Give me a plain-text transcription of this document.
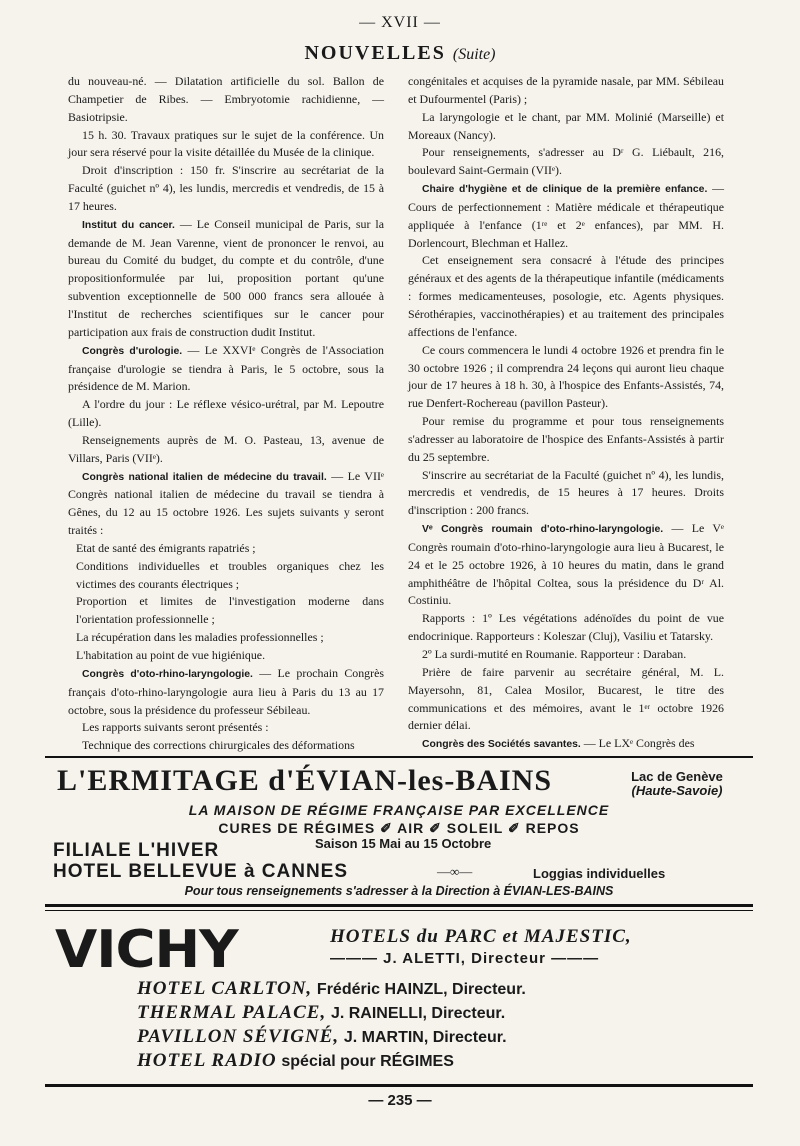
— XVII —
NOUVELLES (Suite)

du nouveau-né. — Dilatation artificielle du sol. Ballon de Champetier de Ribes. — Embryotomie rachidienne, — Basiotripsie.

15 h. 30. Travaux pratiques sur le sujet de la conférence. Un jour sera réservé pour la visite détaillée du Musée de la clinique.

Droit d'inscription : 150 fr. S'inscrire au secrétariat de la Faculté (guichet nº 4), les lundis, mercredis et vendredis, de 15 à 17 heures.

Institut du cancer. — Le Conseil municipal de Paris, sur la demande de M. Jean Varenne, vient de prononcer le renvoi, au bureau du Comité du budget, du compte et du contrôle, d'une propositionformulée par lui, proposition portant qu'une subvention exceptionnelle de 500 000 francs sera allouée à l'Institut de recherches scientifiques sur le cancer pour participation aux frais de construction dudit Institut.

Congrès d'urologie. — Le XXVIᵉ Congrès de l'Association française d'urologie se tiendra à Paris, le 5 octobre, sous la présidence de M. Marion.

A l'ordre du jour : Le réflexe vésico-urétral, par M. Lepoutre (Lille).

Renseignements auprès de M. O. Pasteau, 13, avenue de Villars, Paris (VIIᵉ).

Congrès national italien de médecine du travail. — Le VIIᵉ Congrès national italien de médecine du travail se tiendra à Gênes, du 12 au 15 octobre 1926. Les sujets suivants y seront traités :

Etat de santé des émigrants rapatriés ;

Conditions individuelles et troubles organiques chez les victimes des courants électriques ;

Proportion et limites de l'investigation moderne dans l'orientation professionnelle ;

La récupération dans les maladies professionnelles ;

L'habitation au point de vue higiénique.

Congrès d'oto-rhino-laryngologie. — Le prochain Congrès français d'oto-rhino-laryngologie aura lieu à Paris du 13 au 17 octobre, sous la présidence du professeur Sébileau.

Les rapports suivants seront présentés :

Technique des corrections chirurgicales des déformations

congénitales et acquises de la pyramide nasale, par MM. Sébileau et Dufourmentel (Paris) ;

La laryngologie et le chant, par MM. Molinié (Marseille) et Moreaux (Nancy).

Pour renseignements, s'adresser au Dʳ G. Liébault, 216, boulevard Saint-Germain (VIIᵉ).

Chaire d'hygiène et de clinique de la première enfance. — Cours de perfectionnement : Matière médicale et thérapeutique appliquée à l'enfance (1ʳᵉ et 2ᵉ enfances), par MM. H. Dorlencourt, Blechman et Hallez.

Cet enseignement sera consacré à l'étude des principes généraux et des agents de la thérapeutique infantile (médicaments : formes medicamenteuses, posologie, etc. Agents physiques. Sérothérapies, vaccinothérapies) et au traitement des principales affections de l'enfance.

Ce cours commencera le lundi 4 octobre 1926 et prendra fin le 30 octobre 1926 ; il comprendra 24 leçons qui auront lieu chaque jour de 17 heures à 18 h. 30, à l'hospice des Enfants-Assistés, 74, rue Denfert-Rochereau (pavillon Pasteur).

Pour remise du programme et pour tous renseignements s'adresser au laboratoire de l'hospice des Enfants-Assistés à partir du 25 septembre.

S'inscrire au secrétariat de la Faculté (guichet nº 4), les lundis, mercredis et vendredis, de 15 heures à 17 heures. Droits d'inscription : 200 francs.

Vᵉ Congrès roumain d'oto-rhino-laryngologie. — Le Vᵉ Congrès roumain d'oto-rhino-laryngologie aura lieu à Bucarest, le 24 et le 25 octobre 1926, à 10 heures du matin, dans le grand amphithéâtre de l'hôpital Coltea, sous la présidence du Dʳ Al. Costiniu.

Rapports : 1º Les végétations adénoïdes du point de vue endocrinique. Rapporteurs : Koleszar (Cluj), Vasiliu et Tatarsky.

2º La surdi-mutité en Roumanie. Rapporteur : Daraban.

Prière de faire parvenir au secrétaire général, M. L. Mayersohn, 81, Calea Mosilor, Bucarest, le titre des communications et des mémoires, avant le 1ᵉʳ octobre 1926 dernier délai.

Congrès des Sociétés savantes. — Le LXᵉ Congrès des

L'ERMITAGE d'ÉVIAN-les-BAINS	Lac de Genève
(Haute-Savoie)
LA MAISON DE RÉGIME FRANÇAISE PAR EXCELLENCE
CURES DE RÉGIMES ✐ AIR ✐ SOLEIL ✐ REPOS
FILIALE L'HIVER	Saison 15 Mai au 15 Octobre
HOTEL BELLEVUE à CANNES	—∞—	Loggias individuelles
Pour tous renseignements s'adresser à la Direction à ÉVIAN-LES-BAINS
VICHY	HOTELS du PARC et MAJESTIC,
——— J. ALETTI, Directeur ———
HOTEL CARLTON, Frédéric HAINZL, Directeur.
THERMAL PALACE, J. RAINELLI, Directeur.
PAVILLON SÉVIGNÉ, J. MARTIN, Directeur.
HOTEL RADIO spécial pour RÉGIMES
— 235 —
